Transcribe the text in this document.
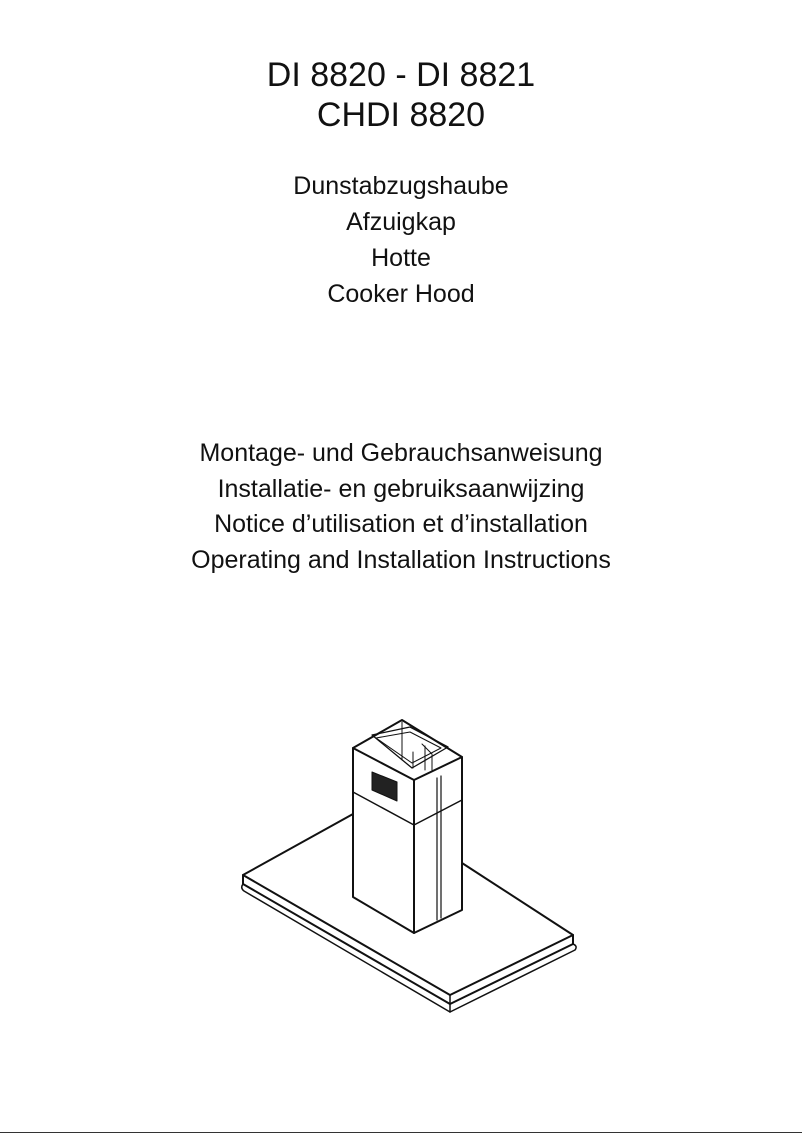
DI 8820 - DI 8821
CHDI 8820
Dunstabzugshaube
Afzuigkap
Hotte
Cooker Hood
Montage- und Gebrauchsanweisung
Installatie- en gebruiksaanwijzing
Notice d’utilisation et d’installation
Operating and Installation Instructions
